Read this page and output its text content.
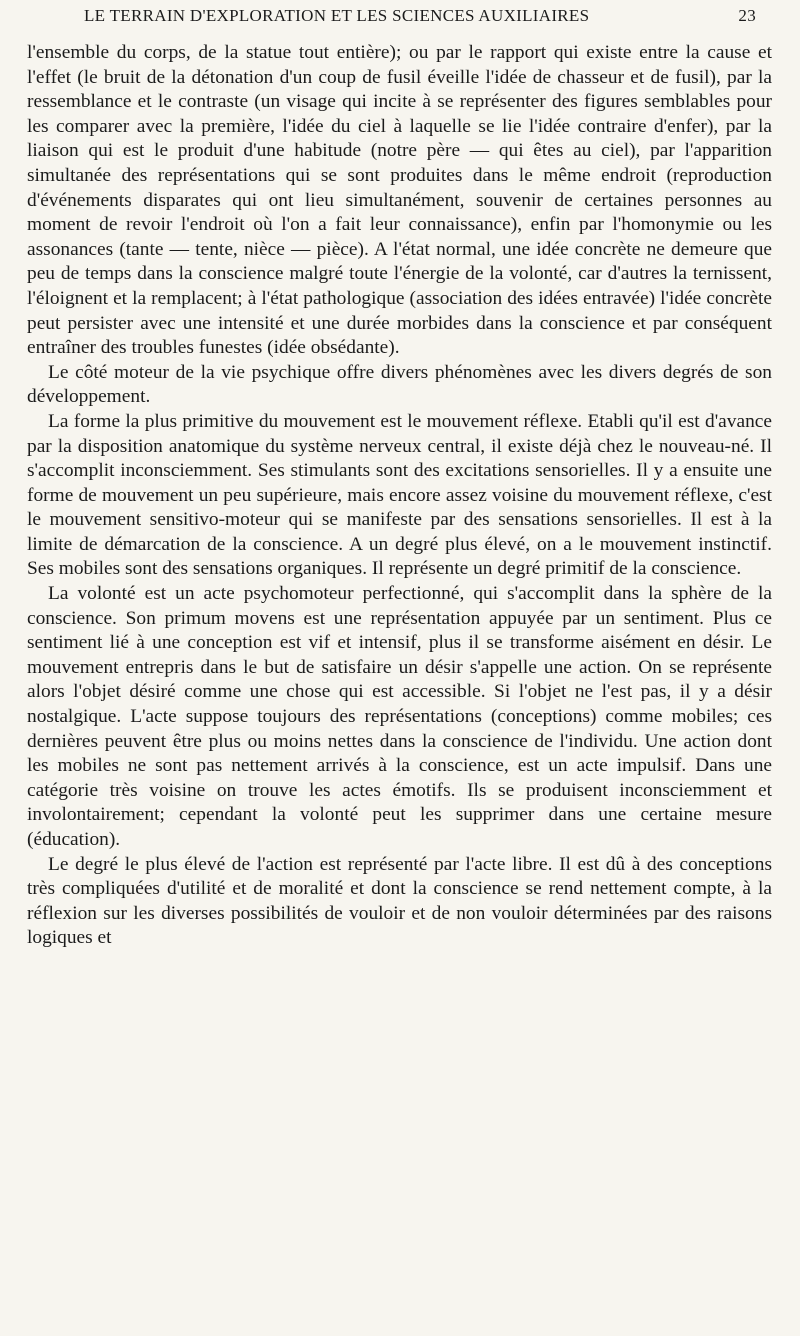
LE TERRAIN D'EXPLORATION ET LES SCIENCES AUXILIAIRES	23

l'ensemble du corps, de la statue tout entière); ou par le rapport qui existe entre la cause et l'effet (le bruit de la détonation d'un coup de fusil éveille l'idée de chasseur et de fusil), par la ressemblance et le contraste (un visage qui incite à se représenter des figures semblables pour les comparer avec la première, l'idée du ciel à laquelle se lie l'idée contraire d'enfer), par la liaison qui est le produit d'une habitude (notre père — qui êtes au ciel), par l'apparition simultanée des représentations qui se sont produites dans le même endroit (reproduction d'événements disparates qui ont lieu simultanément, souvenir de certaines personnes au moment de revoir l'endroit où l'on a fait leur connaissance), enfin par l'homonymie ou les assonances (tante — tente, nièce — pièce). A l'état normal, une idée concrète ne demeure que peu de temps dans la conscience malgré toute l'énergie de la volonté, car d'autres la ternissent, l'éloignent et la remplacent; à l'état pathologique (association des idées entravée) l'idée concrète peut persister avec une intensité et une durée morbides dans la conscience et par conséquent entraîner des troubles funestes (idée obsédante).

Le côté moteur de la vie psychique offre divers phénomènes avec les divers degrés de son développement.

La forme la plus primitive du mouvement est le mouvement réflexe. Etabli qu'il est d'avance par la disposition anatomique du système nerveux central, il existe déjà chez le nouveau-né. Il s'accomplit inconsciemment. Ses stimulants sont des excitations sensorielles. Il y a ensuite une forme de mouvement un peu supérieure, mais encore assez voisine du mouvement réflexe, c'est le mouvement sensitivo-moteur qui se manifeste par des sensations sensorielles. Il est à la limite de démarcation de la conscience. A un degré plus élevé, on a le mouvement instinctif. Ses mobiles sont des sensations organiques. Il représente un degré primitif de la conscience.

La volonté est un acte psychomoteur perfectionné, qui s'accomplit dans la sphère de la conscience. Son primum movens est une représentation appuyée par un sentiment. Plus ce sentiment lié à une conception est vif et intensif, plus il se transforme aisément en désir. Le mouvement entrepris dans le but de satisfaire un désir s'appelle une action. On se représente alors l'objet désiré comme une chose qui est accessible. Si l'objet ne l'est pas, il y a désir nostalgique. L'acte suppose toujours des représentations (conceptions) comme mobiles; ces dernières peuvent être plus ou moins nettes dans la conscience de l'individu. Une action dont les mobiles ne sont pas nettement arrivés à la conscience, est un acte impulsif. Dans une catégorie très voisine on trouve les actes émotifs. Ils se produisent inconsciemment et involontairement; cependant la volonté peut les supprimer dans une certaine mesure (éducation).

Le degré le plus élevé de l'action est représenté par l'acte libre. Il est dû à des conceptions très compliquées d'utilité et de moralité et dont la conscience se rend nettement compte, à la réflexion sur les diverses possibilités de vouloir et de non vouloir déterminées par des raisons logiques et
